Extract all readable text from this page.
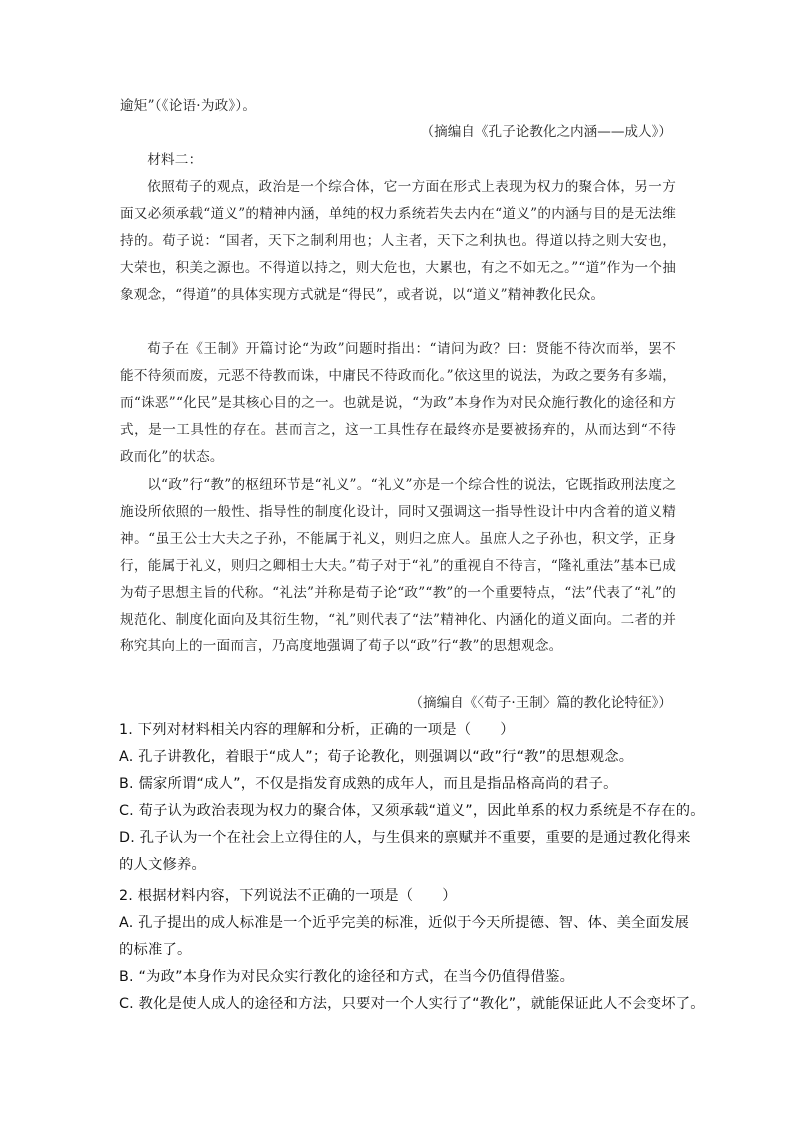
逾矩”（《论语·为政》）。
（摘编自《孔子论教化之内涵——成人》）
材料二：
依照荀子的观点，政治是一个综合体，它一方面在形式上表现为权力的聚合体，另一方面又必须承载“道义”的精神内涵，单纯的权力系统若失去内在“道义”的内涵与目的是无法维持的。荀子说：“国者，天下之制利用也；人主者，天下之利执也。得道以持之则大安也，大荣也，积美之源也。不得道以持之，则大危也，大累也，有之不如无之。”“道”作为一个抽象观念，“得道”的具体实现方式就是“得民”，或者说，以“道义”精神教化民众。
荀子在《王制》开篇讨论“为政”问题时指出：“请问为政？曰：贤能不待次而举，罢不能不待须而废，元恶不待教而诛，中庸民不待政而化。”依这里的说法，为政之要务有多端，而“诛恶”“化民”是其核心目的之一。也就是说，“为政”本身作为对民众施行教化的途径和方式，是一工具性的存在。甚而言之，这一工具性存在最终亦是要被扬弃的，从而达到“不待政而化”的状态。
以“政”行“教”的枢纽环节是“礼义”。“礼义”亦是一个综合性的说法，它既指政刑法度之施设所依照的一般性、指导性的制度化设计，同时又强调这一指导性设计中内含着的道义精神。“虽王公士大夫之子孙，不能属于礼义，则归之庶人。虽庶人之子孙也，积文学，正身行，能属于礼义，则归之卿相士大夫。”荀子对于“礼”的重视自不待言，“隆礼重法”基本已成为荀子思想主旨的代称。“礼法”并称是荀子论“政”“教”的一个重要特点，“法”代表了“礼”的规范化、制度化面向及其衍生物，“礼”则代表了“法”精神化、内涵化的道义面向。二者的并称究其向上的一面而言，乃高度地强调了荀子以“政”行“教”的思想观念。
（摘编自《〈荀子·王制〉篇的教化论特征》）
1. 下列对材料相关内容的理解和分析，正确的一项是（　　）
A. 孔子讲教化，着眼于“成人”；荀子论教化，则强调以“政”行“教”的思想观念。
B. 儒家所谓“成人”，不仅是指发育成熟的成年人，而且是指品格高尚的君子。
C. 荀子认为政治表现为权力的聚合体，又须承载“道义”，因此单系的权力系统是不存在的。
D. 孔子认为一个在社会上立得住的人，与生俱来的禀赋并不重要，重要的是通过教化得来
的人文修养。
2. 根据材料内容，下列说法不正确的一项是（　　）
A. 孔子提出的成人标准是一个近乎完美的标准，近似于今天所提德、智、体、美全面发展
的标准了。
B. “为政”本身作为对民众实行教化的途径和方式，在当今仍值得借鉴。
C. 教化是使人成人的途径和方法，只要对一个人实行了“教化”，就能保证此人不会变坏了。
